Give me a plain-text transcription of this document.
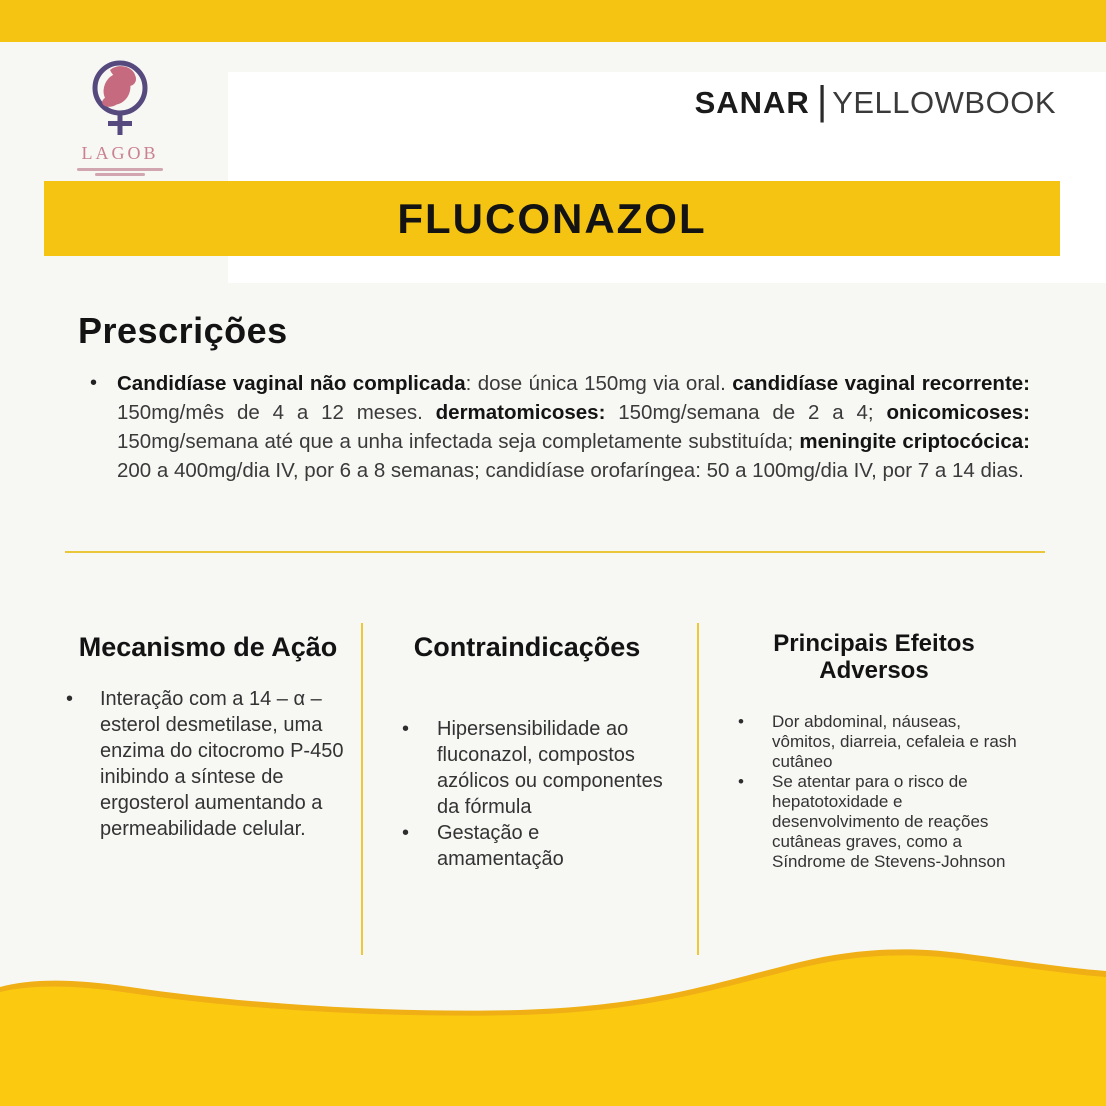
LAGOB
SANAR | YELLOWBOOK
FLUCONAZOL
Prescrições
• Candidíase vaginal não complicada: dose única 150mg via oral. candidíase vaginal recorrente: 150mg/mês de 4 a 12 meses. dermatomicoses: 150mg/semana de 2 a 4; onicomicoses: 150mg/semana até que a unha infectada seja completamente substituída; meningite criptocócica: 200 a 400mg/dia IV, por 6 a 8 semanas; candidíase orofaríngea: 50 a 100mg/dia IV, por 7 a 14 dias.

Mecanismo de Ação
•	Interação com a 14 – α – esterol desmetilase, uma enzima do citocromo P-450 inibindo a síntese de ergosterol aumentando a permeabilidade celular.
Contraindicações
•	Hipersensibilidade ao fluconazol, compostos azólicos ou componentes da fórmula
•	Gestação e amamentação
Principais Efeitos Adversos
•	Dor abdominal, náuseas, vômitos, diarreia, cefaleia e rash cutâneo
•	Se atentar para o risco de hepatotoxidade e desenvolvimento de reações cutâneas graves, como a Síndrome de Stevens-Johnson
